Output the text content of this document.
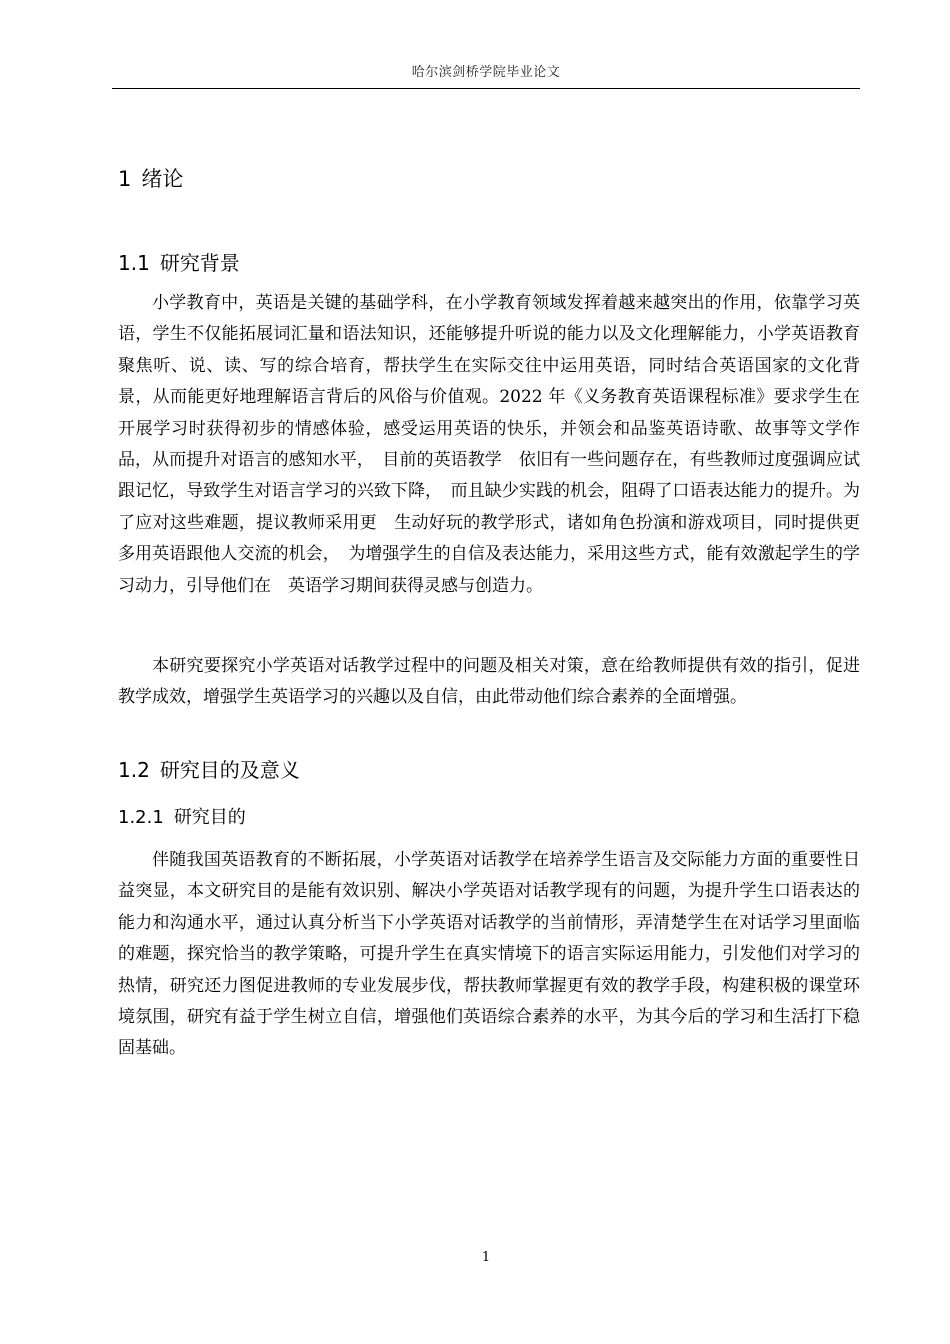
哈尔滨剑桥学院毕业论文
1 绪论
1.1 研究背景

小学教育中，英语是关键的基础学科，在小学教育领域发挥着越来越突出的作用，依靠学习英语，学生不仅能拓展词汇量和语法知识，还能够提升听说的能力以及文化理解能力，小学英语教育聚焦听、说、读、写的综合培育，帮扶学生在实际交往中运用英语，同时结合英语国家的文化背景，从而能更好地理解语言背后的风俗与价值观。2022 年《义务教育英语课程标准》要求学生在开展学习时获得初步的情感体验，感受运用英语的快乐，并领会和品鉴英语诗歌、故事等文学作品，从而提升对语言的感知水平，　目前的英语教学　依旧有一些问题存在，有些教师过度强调应试跟记忆，导致学生对语言学习的兴致下降，　而且缺少实践的机会，阻碍了口语表达能力的提升。为了应对这些难题，提议教师采用更　生动好玩的教学形式，诸如角色扮演和游戏项目，同时提供更多用英语跟他人交流的机会，　为增强学生的自信及表达能力，采用这些方式，能有效激起学生的学习动力，引导他们在　英语学习期间获得灵感与创造力。

本研究要探究小学英语对话教学过程中的问题及相关对策，意在给教师提供有效的指引，促进教学成效，增强学生英语学习的兴趣以及自信，由此带动他们综合素养的全面增强。

1.2 研究目的及意义
1.2.1 研究目的

伴随我国英语教育的不断拓展，小学英语对话教学在培养学生语言及交际能力方面的重要性日益突显，本文研究目的是能有效识别、解决小学英语对话教学现有的问题，为提升学生口语表达的能力和沟通水平，通过认真分析当下小学英语对话教学的当前情形，弄清楚学生在对话学习里面临的难题，探究恰当的教学策略，可提升学生在真实情境下的语言实际运用能力，引发他们对学习的热情，研究还力图促进教师的专业发展步伐，帮扶教师掌握更有效的教学手段，构建积极的课堂环境氛围，研究有益于学生树立自信，增强他们英语综合素养的水平，为其今后的学习和生活打下稳固基础。

1
